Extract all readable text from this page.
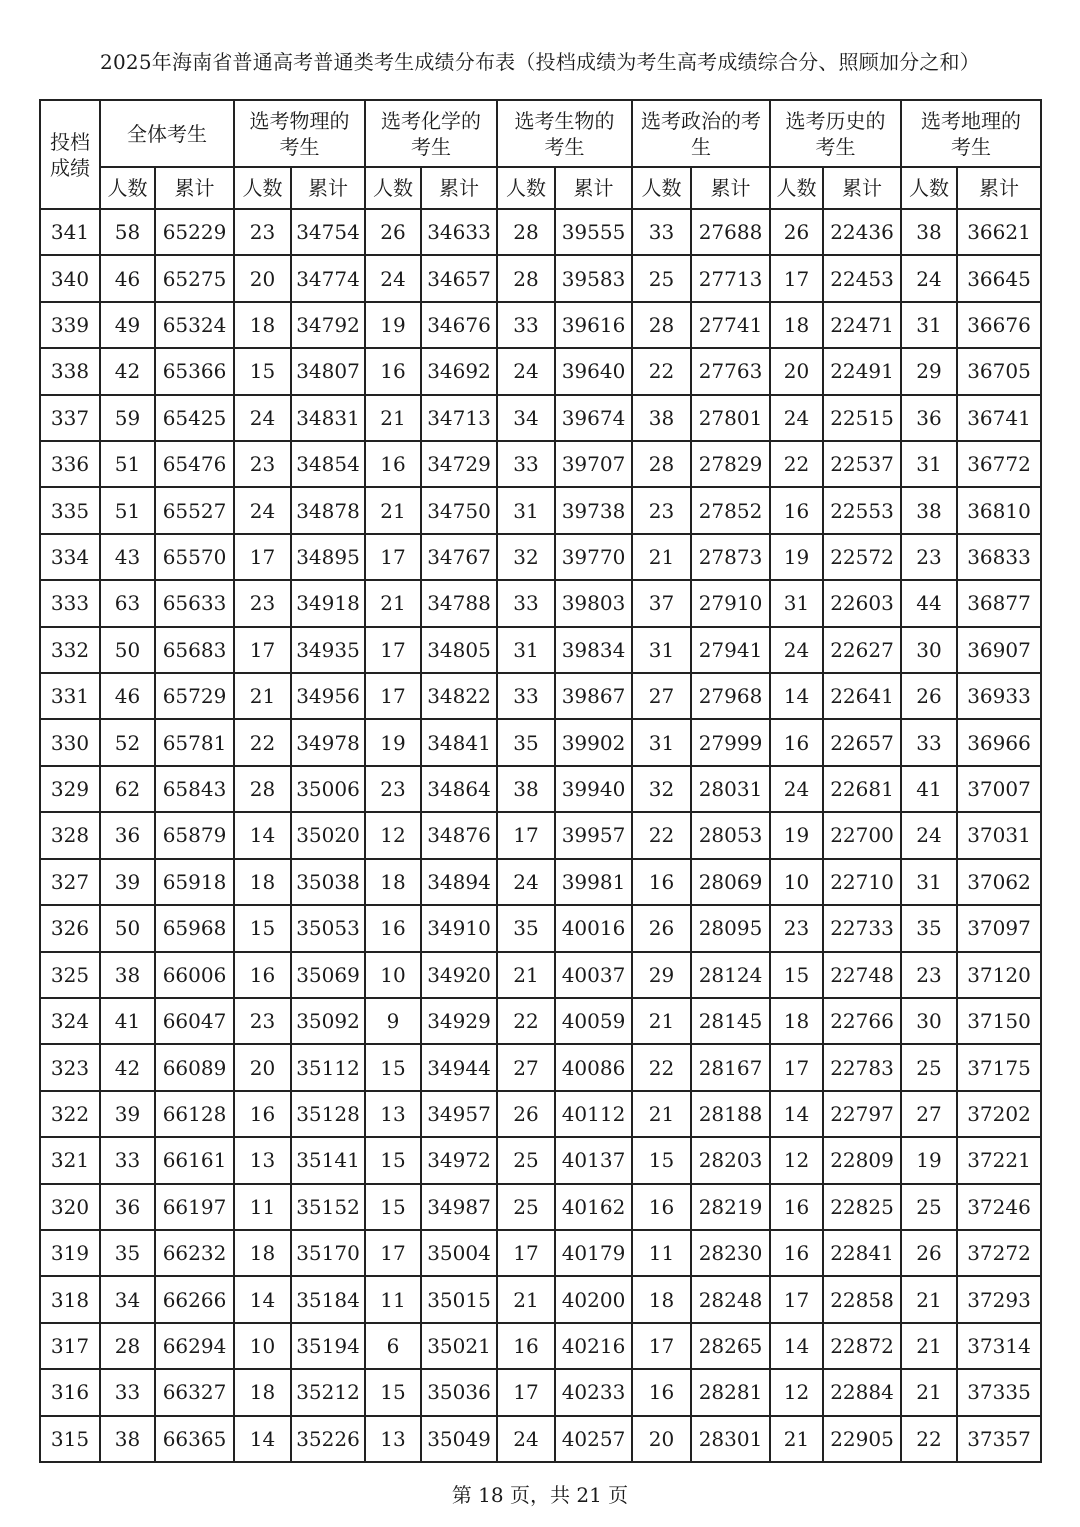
2025年海南省普通高考普通类考生成绩分布表（投档成绩为考生高考成绩综合分、照顾加分之和）
投档成绩	全体考生		选考物理的考生		选考化学的考生		选考生物的考生		选考政治的考生		选考历史的考生		选考地理的考生	
	人数	累计	人数	累计	人数	累计	人数	累计	人数	累计	人数	累计	人数	累计
341	58	65229	23	34754	26	34633	28	39555	33	27688	26	22436	38	36621
340	46	65275	20	34774	24	34657	28	39583	25	27713	17	22453	24	36645
339	49	65324	18	34792	19	34676	33	39616	28	27741	18	22471	31	36676
338	42	65366	15	34807	16	34692	24	39640	22	27763	20	22491	29	36705
337	59	65425	24	34831	21	34713	34	39674	38	27801	24	22515	36	36741
336	51	65476	23	34854	16	34729	33	39707	28	27829	22	22537	31	36772
335	51	65527	24	34878	21	34750	31	39738	23	27852	16	22553	38	36810
334	43	65570	17	34895	17	34767	32	39770	21	27873	19	22572	23	36833
333	63	65633	23	34918	21	34788	33	39803	37	27910	31	22603	44	36877
332	50	65683	17	34935	17	34805	31	39834	31	27941	24	22627	30	36907
331	46	65729	21	34956	17	34822	33	39867	27	27968	14	22641	26	36933
330	52	65781	22	34978	19	34841	35	39902	31	27999	16	22657	33	36966
329	62	65843	28	35006	23	34864	38	39940	32	28031	24	22681	41	37007
328	36	65879	14	35020	12	34876	17	39957	22	28053	19	22700	24	37031
327	39	65918	18	35038	18	34894	24	39981	16	28069	10	22710	31	37062
326	50	65968	15	35053	16	34910	35	40016	26	28095	23	22733	35	37097
325	38	66006	16	35069	10	34920	21	40037	29	28124	15	22748	23	37120
324	41	66047	23	35092	9	34929	22	40059	21	28145	18	22766	30	37150
323	42	66089	20	35112	15	34944	27	40086	22	28167	17	22783	25	37175
322	39	66128	16	35128	13	34957	26	40112	21	28188	14	22797	27	37202
321	33	66161	13	35141	15	34972	25	40137	15	28203	12	22809	19	37221
320	36	66197	11	35152	15	34987	25	40162	16	28219	16	22825	25	37246
319	35	66232	18	35170	17	35004	17	40179	11	28230	16	22841	26	37272
318	34	66266	14	35184	11	35015	21	40200	18	28248	17	22858	21	37293
317	28	66294	10	35194	6	35021	16	40216	17	28265	14	22872	21	37314
316	33	66327	18	35212	15	35036	17	40233	16	28281	12	22884	21	37335
315	38	66365	14	35226	13	35049	24	40257	20	28301	21	22905	22	37357
第 18 页，共 21 页
